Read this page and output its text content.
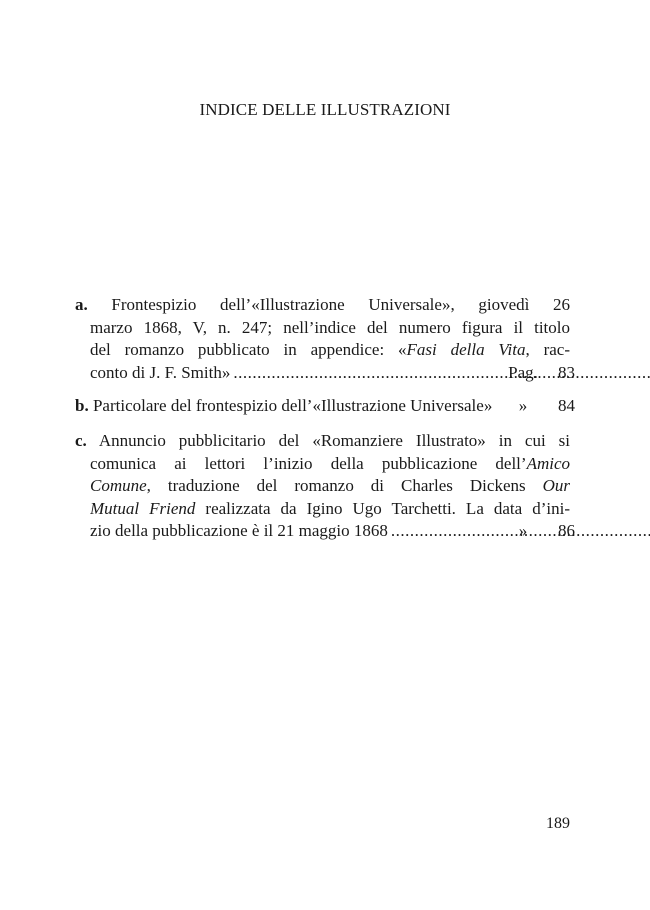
INDICE DELLE ILLUSTRAZIONI
a. Frontespizio dell’«Illustrazione Universale», giovedì 26
marzo 1868, V, n. 247; nell’indice del numero figura il titolo
del romanzo pubblicato in appendice: «Fasi della Vita, rac-
conto di J. F. Smith» .....	Pag. 83
b. Particolare del frontespizio dell’«Illustrazione Universale»	» 84
c. Annuncio pubblicitario del «Romanziere Illustrato» in cui si
comunica ai lettori l’inizio della pubblicazione dell’Amico
Comune, traduzione del romanzo di Charles Dickens Our
Mutual Friend realizzata da Igino Ugo Tarchetti. La data d’ini-
zio della pubblicazione è il 21 maggio 1868 .....	» 86
189
